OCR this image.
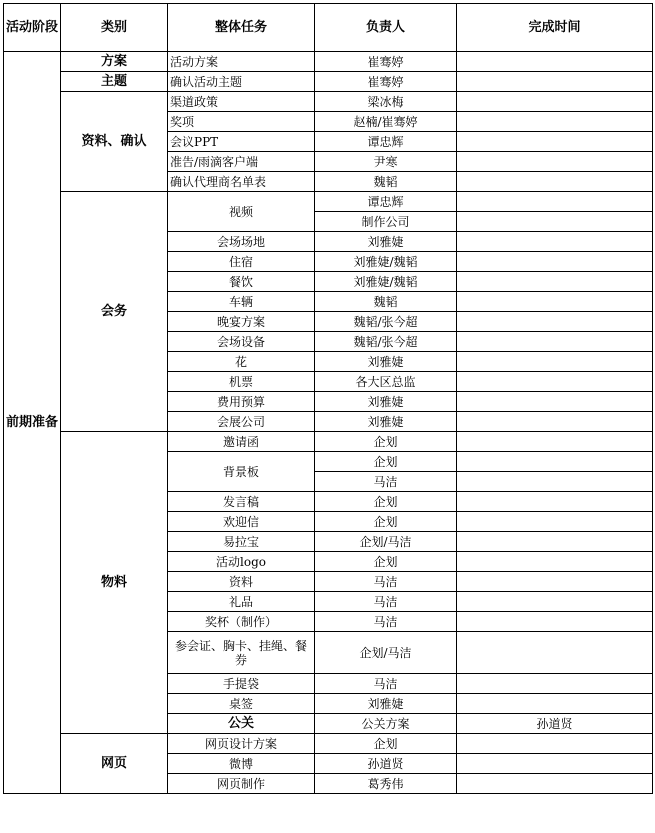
活动阶段	类别	整体任务	负责人	完成时间	
前期准备	方案	活动方案	崔骞婷		
	主题	确认活动主题	崔骞婷		
	资料、确认	渠道政策	梁冰梅		
		奖项	赵楠/崔骞婷		
		会议PPT	谭忠辉		
		准告/雨滴客户端	尹寒		
		确认代理商名单表	魏韬		
	会务	视频	谭忠辉		
			制作公司		
		会场场地	刘雅婕		
		住宿	刘雅婕/魏韬		
		餐饮	刘雅婕/魏韬		
		车辆	魏韬		
		晚宴方案	魏韬/张今超		
		会场设备	魏韬/张今超		
		花	刘雅婕		
		机票	各大区总监		
		费用预算	刘雅婕		
		会展公司	刘雅婕		
	物料	邀请函	企划		
		背景板	企划		
			马洁		
		发言稿	企划		
		欢迎信	企划		
		易拉宝	企划/马洁		
		活动logo	企划		
		资料	马洁		
		礼品	马洁		
		奖杯（制作）	马洁		
		参会证、胸卡、挂绳、餐券	企划/马洁		
		手提袋	马洁		
		桌签	刘雅婕		
		公关	公关方案	孙道贤	
	网页	网页设计方案	企划		
		微博	孙道贤		
		网页制作	葛秀伟		
